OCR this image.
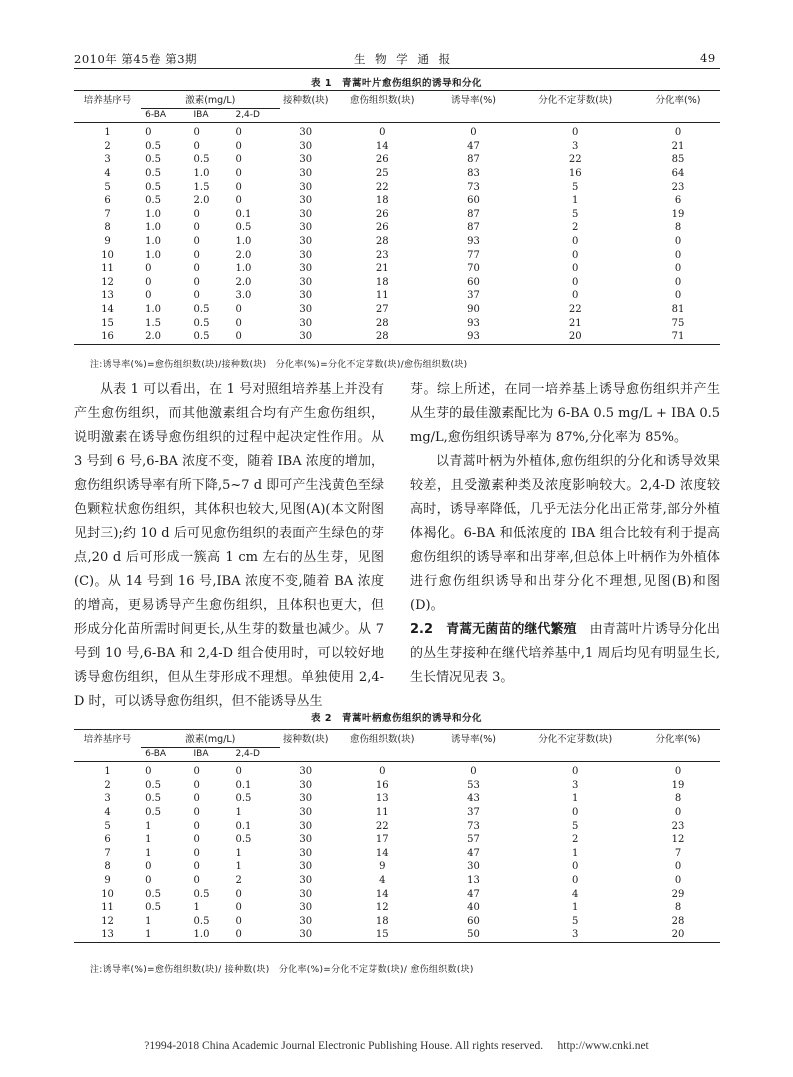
2010年 第45卷 第3期	生 物 学 通 报	49
表 1　青蒿叶片愈伤组织的诱导和分化
培养基序号	激素(mg/L)			接种数(块)	愈伤组织数(块)	诱导率(%)	分化不定芽数(块)	分化率(%)
	6-BA	IBA	2,4-D					
1	0	0	0	30	0	0	0	0
2	0.5	0	0	30	14	47	3	21
3	0.5	0.5	0	30	26	87	22	85
4	0.5	1.0	0	30	25	83	16	64
5	0.5	1.5	0	30	22	73	5	23
6	0.5	2.0	0	30	18	60	1	6
7	1.0	0	0.1	30	26	87	5	19
8	1.0	0	0.5	30	26	87	2	8
9	1.0	0	1.0	30	28	93	0	0
10	1.0	0	2.0	30	23	77	0	0
11	0	0	1.0	30	21	70	0	0
12	0	0	2.0	30	18	60	0	0
13	0	0	3.0	30	11	37	0	0
14	1.0	0.5	0	30	27	90	22	81
15	1.5	0.5	0	30	28	93	21	75
16	2.0	0.5	0	30	28	93	20	71
注:诱导率(%)=愈伤组织数(块)/接种数(块)　分化率(%)=分化不定芽数(块)/愈伤组织数(块)

从表 1 可以看出，在 1 号对照组培养基上并没有产生愈伤组织，而其他激素组合均有产生愈伤组织，说明激素在诱导愈伤组织的过程中起决定性作用。从 3 号到 6 号,6-BA 浓度不变，随着 IBA 浓度的增加，愈伤组织诱导率有所下降,5~7 d 即可产生浅黄色至绿色颗粒状愈伤组织，其体积也较大,见图(A)(本文附图见封三);约 10 d 后可见愈伤组织的表面产生绿色的芽点,20 d 后可形成一簇高 1 cm 左右的丛生芽，见图(C)。从 14 号到 16 号,IBA 浓度不变,随着 BA 浓度的增高，更易诱导产生愈伤组织，且体积也更大，但形成分化苗所需时间更长,从生芽的数量也减少。从 7 号到 10 号,6-BA 和 2,4-D 组合使用时，可以较好地诱导愈伤组织，但从生芽形成不理想。单独使用 2,4-D 时，可以诱导愈伤组织，但不能诱导丛生

芽。综上所述，在同一培养基上诱导愈伤组织并产生从生芽的最佳激素配比为 6-BA 0.5 mg/L + IBA 0.5 mg/L,愈伤组织诱导率为 87%,分化率为 85%。

以青蒿叶柄为外植体,愈伤组织的分化和诱导效果较差，且受激素种类及浓度影响较大。2,4-D 浓度较高时，诱导率降低，几乎无法分化出正常芽,部分外植体褐化。6-BA 和低浓度的 IBA 组合比较有利于提高愈伤组织的诱导率和出芽率,但总体上叶柄作为外植体进行愈伤组织诱导和出芽分化不理想,见图(B)和图(D)。

2.2　 青蒿无菌苗的继代繁殖　 由青蒿叶片诱导分化出的丛生芽接种在继代培养基中,1 周后均见有明显生长,生长情况见表 3。

表 2　青蒿叶柄愈伤组织的诱导和分化
培养基序号	激素(mg/L)			接种数(块)	愈伤组织数(块)	诱导率(%)	分化不定芽数(块)	分化率(%)
	6-BA	IBA	2,4-D					
1	0	0	0	30	0	0	0	0
2	0.5	0	0.1	30	16	53	3	19
3	0.5	0	0.5	30	13	43	1	8
4	0.5	0	1	30	11	37	0	0
5	1	0	0.1	30	22	73	5	23
6	1	0	0.5	30	17	57	2	12
7	1	0	1	30	14	47	1	7
8	0	0	1	30	9	30	0	0
9	0	0	2	30	4	13	0	0
10	0.5	0.5	0	30	14	47	4	29
11	0.5	1	0	30	12	40	1	8
12	1	0.5	0	30	18	60	5	28
13	1	1.0	0	30	15	50	3	20
注:诱导率(%)=愈伤组织数(块)/ 接种数(块)　分化率(%)=分化不定芽数(块)/ 愈伤组织数(块)
?1994-2018 China Academic Journal Electronic Publishing House. All rights reserved.　 http://www.cnki.net
